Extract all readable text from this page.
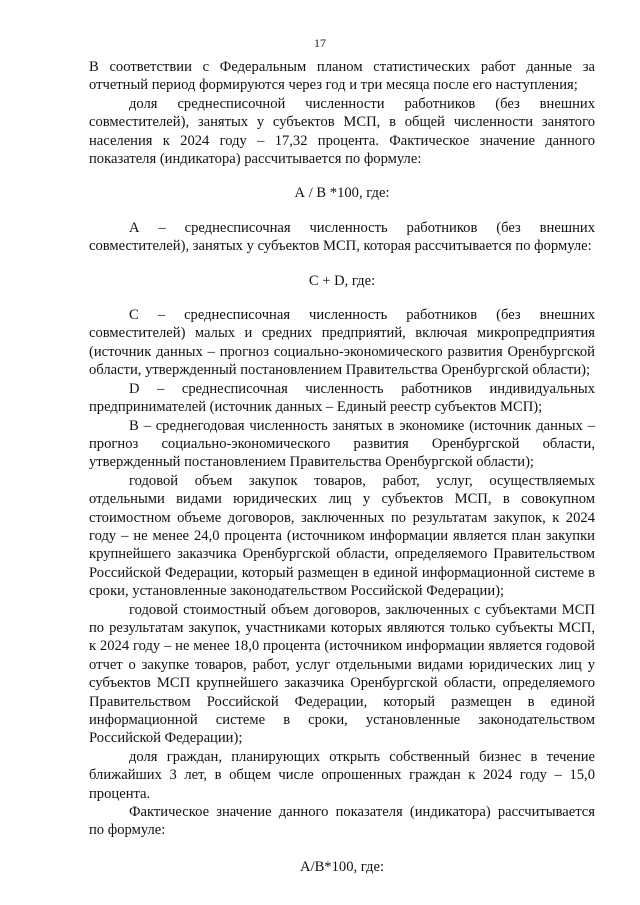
17

В соответствии с Федеральным планом статистических работ данные за отчетный период формируются через год и три месяца после его наступления;

доля среднесписочной численности работников (без внешних совместителей), занятых у субъектов МСП, в общей численности занятого населения к 2024 году – 17,32 процента. Фактическое значение данного показателя (индикатора) рассчитывается по формуле:

А / В *100, где:

А – среднесписочная численность работников (без внешних совместителей), занятых у субъектов МСП, которая рассчитывается по формуле:

С + D, где:

С – среднесписочная численность работников (без внешних совместителей) малых и средних предприятий, включая микропредприятия (источник данных – прогноз социально-экономического развития Оренбургской области, утвержденный постановлением Правительства Оренбургской области);

D – среднесписочная численность работников индивидуальных предпринимателей (источник данных – Единый реестр субъектов МСП);

В – среднегодовая численность занятых в экономике (источник данных – прогноз социально-экономического развития Оренбургской области, утвержденный постановлением Правительства Оренбургской области);

годовой объем закупок товаров, работ, услуг, осуществляемых отдельными видами юридических лиц у субъектов МСП, в совокупном стоимостном объеме договоров, заключенных по результатам закупок, к 2024 году – не менее 24,0 процента (источником информации является план закупки крупнейшего заказчика Оренбургской области, определяемого Правительством Российской Федерации, который размещен в единой информационной системе в сроки, установленные законодательством Российской Федерации);

годовой стоимостный объем договоров, заключенных с субъектами МСП по результатам закупок, участниками которых являются только субъекты МСП, к 2024 году – не менее 18,0 процента (источником информации является годовой отчет о закупке товаров, работ, услуг отдельными видами юридических лиц у субъектов МСП крупнейшего заказчика Оренбургской области, определяемого Правительством Российской Федерации, который размещен в единой информационной системе в сроки, установленные законодательством Российской Федерации);

доля граждан, планирующих открыть собственный бизнес в течение ближайших 3 лет, в общем числе опрошенных граждан к 2024 году – 15,0 процента.

Фактическое значение данного показателя (индикатора) рассчитывается по формуле:

А/В*100, где:
